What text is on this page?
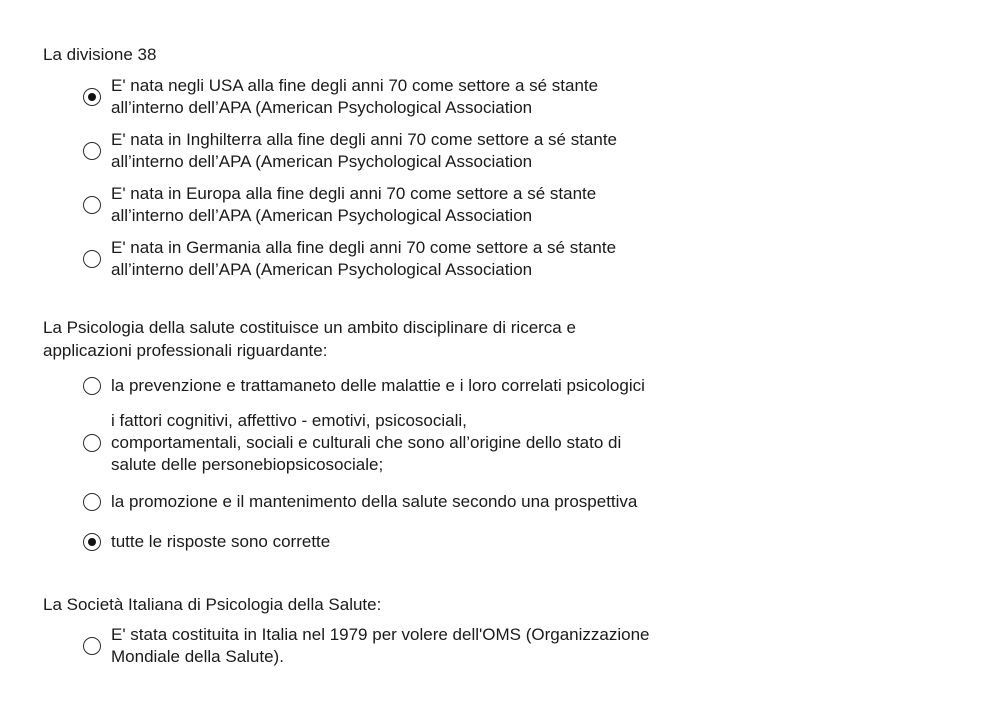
La divisione 38

E' nata negli USA alla fine degli anni 70 come settore a sé stante
all’interno dell’APA (American Psychological Association
E' nata in Inghilterra alla fine degli anni 70 come settore a sé stante
all’interno dell’APA (American Psychological Association
E' nata in Europa alla fine degli anni 70 come settore a sé stante
all’interno dell’APA (American Psychological Association
E' nata in Germania alla fine degli anni 70 come settore a sé stante
all’interno dell’APA (American Psychological Association

La Psicologia della salute costituisce un ambito disciplinare di ricerca e
applicazioni professionali riguardante:

la prevenzione e trattamaneto delle malattie e i loro correlati psicologici
i fattori cognitivi, affettivo - emotivi, psicosociali,
comportamentali, sociali e culturali che sono all’origine dello stato di
salute delle personebiopsicosociale;
la promozione e il mantenimento della salute secondo una prospettiva
tutte le risposte sono corrette

La Società Italiana di Psicologia della Salute:

E' stata costituita in Italia nel 1979 per volere dell'OMS (Organizzazione
Mondiale della Salute).
